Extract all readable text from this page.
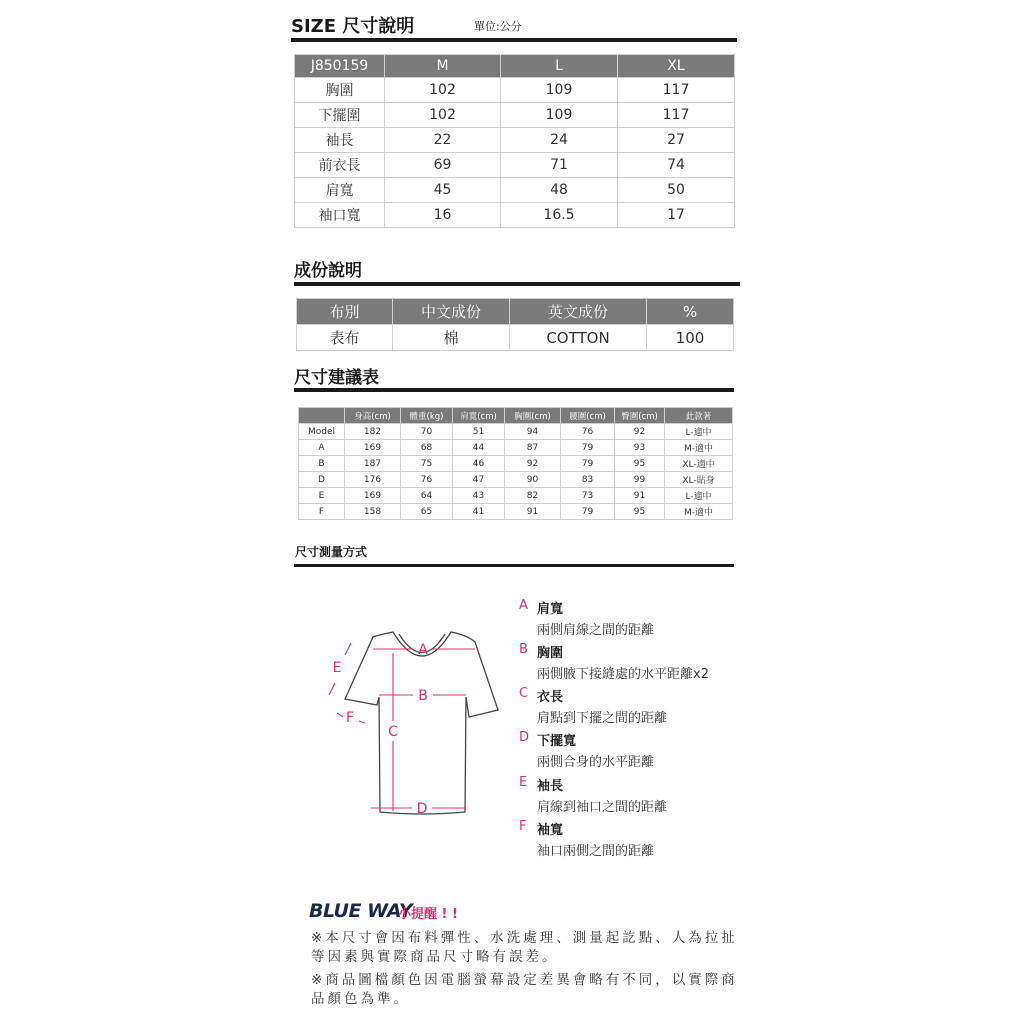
SIZE 尺寸說明	單位:公分
J850159	M	L	XL
胸圍	102	109	117
下擺圍	102	109	117
袖長	22	24	27
前衣長	69	71	74
肩寬	45	48	50
袖口寬	16	16.5	17
成份說明
布別	中文成份	英文成份	%
表布	棉	COTTON	100
尺寸建議表
	身高(cm)	體重(kg)	肩寬(cm)	胸圍(cm)	腰圍(cm)	臀圍(cm)	此款著
Model	182	70	51	94	76	92	L-適中
A	169	68	44	87	79	93	M-適中
B	187	75	46	92	79	95	XL-適中
D	176	76	47	90	83	99	XL-貼身
E	169	64	43	82	73	91	L-適中
F	158	65	41	91	79	95	M-適中
尺寸測量方式
A
B
C
D
E
F
A 肩寬
兩側肩線之間的距離
B 胸圍
兩側腋下接縫處的水平距離x2
C 衣長
肩點到下擺之間的距離
D 下擺寬
兩側合身的水平距離
E 袖長
肩線到袖口之間的距離
F 袖寬
袖口兩側之間的距離
BLUE WAY
小提醒 ! !
※本尺寸會因布料彈性、水洗處理、測量起訖點、人為拉扯等因素與實際商品尺寸略有誤差。
※商品圖檔顏色因電腦螢幕設定差異會略有不同，以實際商品顏色為準。
